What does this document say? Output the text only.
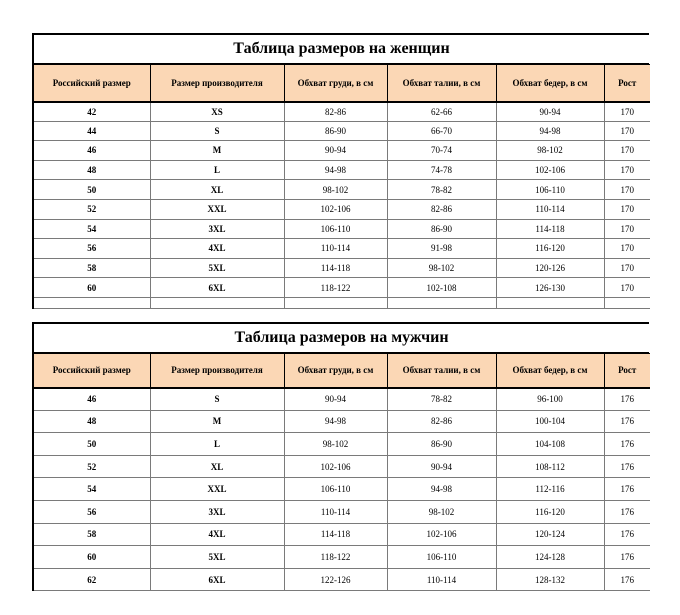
Таблица размеров на женщин
Российский размер	Размер производителя	Обхват груди, в см	Обхват талии, в см	Обхват бедер, в см	Рост
42	XS	82-86	62-66	90-94	170
44	S	86-90	66-70	94-98	170
46	M	90-94	70-74	98-102	170
48	L	94-98	74-78	102-106	170
50	XL	98-102	78-82	106-110	170
52	XXL	102-106	82-86	110-114	170
54	3XL	106-110	86-90	114-118	170
56	4XL	110-114	91-98	116-120	170
58	5XL	114-118	98-102	120-126	170
60	6XL	118-122	102-108	126-130	170

Таблица размеров на мужчин
Российский размер	Размер производителя	Обхват груди, в см	Обхват талии, в см	Обхват бедер, в см	Рост
46	S	90-94	78-82	96-100	176
48	M	94-98	82-86	100-104	176
50	L	98-102	86-90	104-108	176
52	XL	102-106	90-94	108-112	176
54	XXL	106-110	94-98	112-116	176
56	3XL	110-114	98-102	116-120	176
58	4XL	114-118	102-106	120-124	176
60	5XL	118-122	106-110	124-128	176
62	6XL	122-126	110-114	128-132	176
